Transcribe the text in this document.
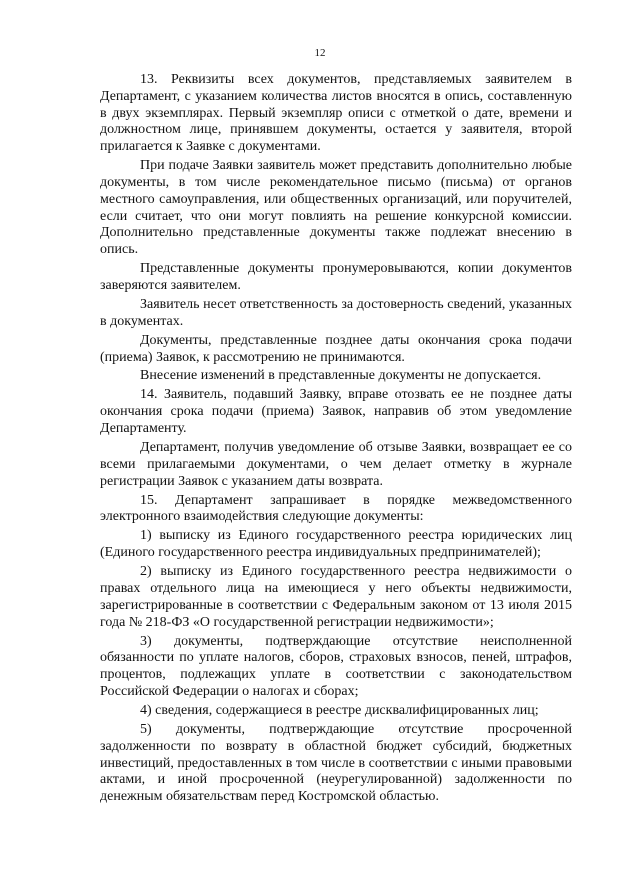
12

13. Реквизиты всех документов, представляемых заявителем в Департамент, с указанием количества листов вносятся в опись, составленную в двух экземплярах. Первый экземпляр описи с отметкой о дате, времени и должностном лице, принявшем документы, остается у заявителя, второй прилагается к Заявке с документами.

При подаче Заявки заявитель может представить дополнительно любые документы, в том числе рекомендательное письмо (письма) от органов местного самоуправления, или общественных организаций, или поручителей, если считает, что они могут повлиять на решение конкурсной комиссии. Дополнительно представленные документы также подлежат внесению в опись.

Представленные документы пронумеровываются, копии документов заверяются заявителем.

Заявитель несет ответственность за достоверность сведений, указанных в документах.

Документы, представленные позднее даты окончания срока подачи (приема) Заявок, к рассмотрению не принимаются.

Внесение изменений в представленные документы не допускается.

14. Заявитель, подавший Заявку, вправе отозвать ее не позднее даты окончания срока подачи (приема) Заявок, направив об этом уведомление Департаменту.

Департамент, получив уведомление об отзыве Заявки, возвращает ее со всеми прилагаемыми документами, о чем делает отметку в журнале регистрации Заявок с указанием даты возврата.

15. Департамент запрашивает в порядке межведомственного электронного взаимодействия следующие документы:

1) выписку из Единого государственного реестра юридических лиц (Единого государственного реестра индивидуальных предпринимателей);

2) выписку из Единого государственного реестра недвижимости о правах отдельного лица на имеющиеся у него объекты недвижимости, зарегистрированные в соответствии с Федеральным законом от 13 июля 2015 года № 218-ФЗ «О государственной регистрации недвижимости»;

3) документы, подтверждающие отсутствие неисполненной обязанности по уплате налогов, сборов, страховых взносов, пеней, штрафов, процентов, подлежащих уплате в соответствии с законодательством Российской Федерации о налогах и сборах;

4) сведения, содержащиеся в реестре дисквалифицированных лиц;

5) документы, подтверждающие отсутствие просроченной задолженности по возврату в областной бюджет субсидий, бюджетных инвестиций, предоставленных в том числе в соответствии с иными правовыми актами, и иной просроченной (неурегулированной) задолженности по денежным обязательствам перед Костромской областью.
